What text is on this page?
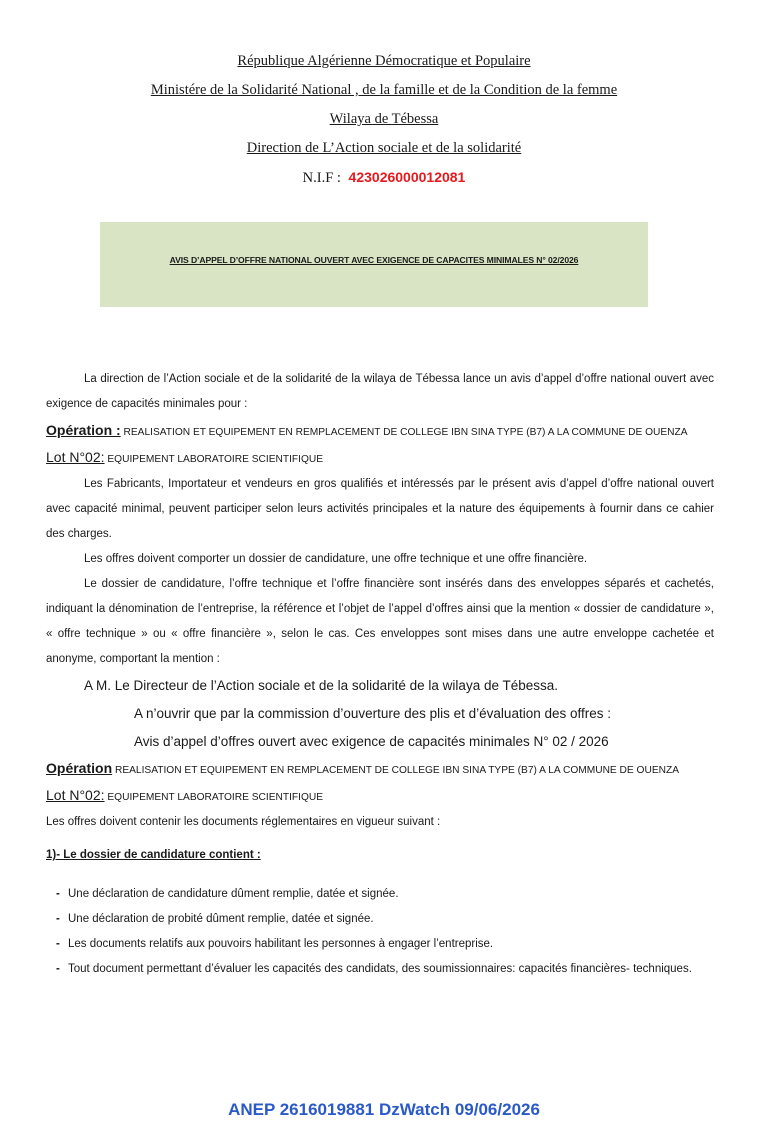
République Algérienne Démocratique et Populaire
Ministére de la Solidarité National , de la famille et de la Condition de la femme
Wilaya de Tébessa
Direction de L’Action sociale et de la solidarité
N.I.F : 423026000012081
AVIS D’APPEL D’OFFRE NATIONAL OUVERT AVEC EXIGENCE DE CAPACITES MINIMALES N° 02/2026

La direction de l’Action sociale et de la solidarité de la wilaya de Tébessa lance un avis d’appel d’offre national ouvert avec exigence de capacités minimales pour :

Opération : REALISATION ET EQUIPEMENT EN REMPLACEMENT DE COLLEGE IBN SINA TYPE (B7) A LA COMMUNE DE OUENZA

Lot N°02: EQUIPEMENT LABORATOIRE SCIENTIFIQUE

Les Fabricants, Importateur et vendeurs en gros qualifiés et intéressés par le présent avis d’appel d’offre national ouvert avec capacité minimal, peuvent participer selon leurs activités principales et la nature des équipements à fournir dans ce cahier des charges.

Les offres doivent comporter un dossier de candidature, une offre technique et une offre financière.

Le dossier de candidature, l’offre technique et l’offre financière sont insérés dans des enveloppes séparés et cachetés, indiquant la dénomination de l’entreprise, la référence et l’objet de l’appel d’offres ainsi que la mention « dossier de candidature », « offre technique » ou « offre financière », selon le cas. Ces enveloppes sont mises dans une autre enveloppe cachetée et anonyme, comportant la mention :

A M. Le Directeur de l’Action sociale et de la solidarité de la wilaya de Tébessa.

A n’ouvrir que par la commission d’ouverture des plis et d’évaluation des offres :

Avis d’appel d’offres ouvert avec exigence de capacités minimales N° 02 / 2026

Opération REALISATION ET EQUIPEMENT EN REMPLACEMENT DE COLLEGE IBN SINA TYPE (B7) A LA COMMUNE DE OUENZA

Lot N°02: EQUIPEMENT LABORATOIRE SCIENTIFIQUE

Les offres doivent contenir les documents réglementaires en vigueur suivant :

1)- Le dossier de candidature contient :

- Une déclaration de candidature dûment remplie, datée et signée.
- Une déclaration de probité dûment remplie, datée et signée.
- Les documents relatifs aux pouvoirs habilitant les personnes à engager l’entreprise.
- Tout document permettant d’évaluer les capacités des candidats, des soumissionnaires: capacités financières- techniques.
ANEP 2616019881 DzWatch 09/06/2026
